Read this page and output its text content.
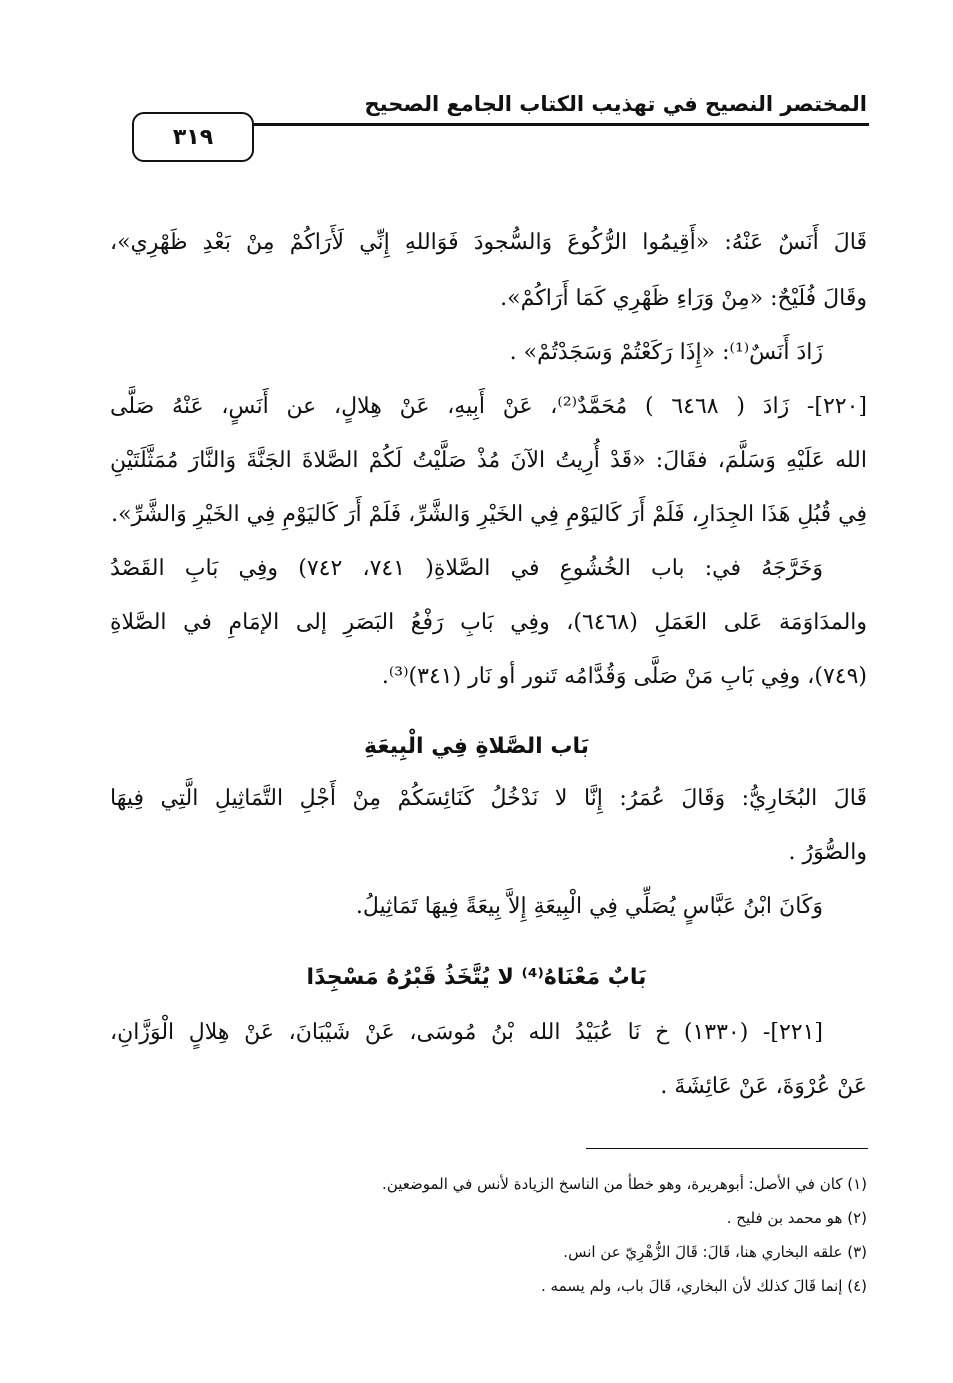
المختصر النصيح في تهذيب الكتاب الجامع الصحيح
٣١٩
قَالَ أَنَسٌ عَنْهُ: «أَقِيمُوا الرُّكُوعَ وَالسُّجودَ فَوَاللهِ إِنِّي لَأَرَاكُمْ مِنْ بَعْدِ ظَهْرِي»،
وقَالَ فُلَيْحٌ: «مِنْ وَرَاءِ ظَهْرِي كَمَا أَرَاكُمْ».
زَادَ أَنَسٌ⁽¹⁾: «إِذَا رَكَعْتُمْ وَسَجَدْتُمْ» .
[٢٢٠]- زَادَ ( ٦٤٦٨ ) مُحَمَّدٌ⁽²⁾، عَنْ أَبِيهِ، عَنْ هِلالٍ، عن أَنَسٍ، عَنْهُ صَلَّى
الله عَلَيْهِ وَسَلَّمَ، فقَالَ: «قَدْ أُرِيتُ الآنَ مُذْ صَلَّيْتُ لَكُمْ الصَّلاةَ الجَنَّةَ وَالنَّارَ مُمَثَّلَتَيْنِ
فِي قُبُلِ هَذَا الجِدَارِ، فَلَمْ أَرَ كَاليَوْمِ فِي الخَيْرِ وَالشَّرِّ، فَلَمْ أَرَ كَاليَوْمِ فِي الخَيْرِ وَالشَّرِّ».
وَخَرَّجَهُ في: باب الخُشُوعِ في الصَّلاةِ( ٧٤١، ٧٤٢) وفِي بَابِ القَصْدُ
والمدَاوَمَة عَلى العَمَلِ (٦٤٦٨)، وفِي بَابِ رَفْعُ البَصَرِ إلى الإمَامِ في الصَّلاةِ
(٧٤٩)، وفِي بَابِ مَنْ صَلَّى وَقُدَّامُه تَنور أو نَار (٣٤١)⁽³⁾.
بَاب الصَّلاةِ فِي الْبِيعَةِ
قَالَ البُخَارِيُّ: وَقَالَ عُمَرُ: إِنَّا لا نَدْخُلُ كَنَائِسَكُمْ مِنْ أَجْلِ التَّمَاثِيلِ الَّتِي فِيهَا
والصُّوَرُ .
وَكَانَ ابْنُ عَبَّاسٍ يُصَلِّي فِي الْبِيعَةِ إِلاَّ بِيعَةً فِيهَا تَمَاثِيلُ.
بَابٌ مَعْنَاهُ⁽⁴⁾ لا يُتَّخَذُ قَبْرُهُ مَسْجِدًا
[٢٢١]- (١٣٣٠) خ نَا عُبَيْدُ الله بْنُ مُوسَى، عَنْ شَيْبَانَ، عَنْ هِلالٍ الْوَزَّانِ،
عَنْ عُرْوَةَ، عَنْ عَائِشَةَ .
(١) كان في الأصل: أبوهريرة، وهو خطأ من الناسخ الزيادة لأنس في الموضعين.
(٢) هو محمد بن فليح .
(٣) علقه البخاري هنا، قَالَ: قَالَ الزُّهْرِيّ عن انس.
(٤) إنما قَالَ كذلك لأن البخاري، قَالَ باب، ولم يسمه .
